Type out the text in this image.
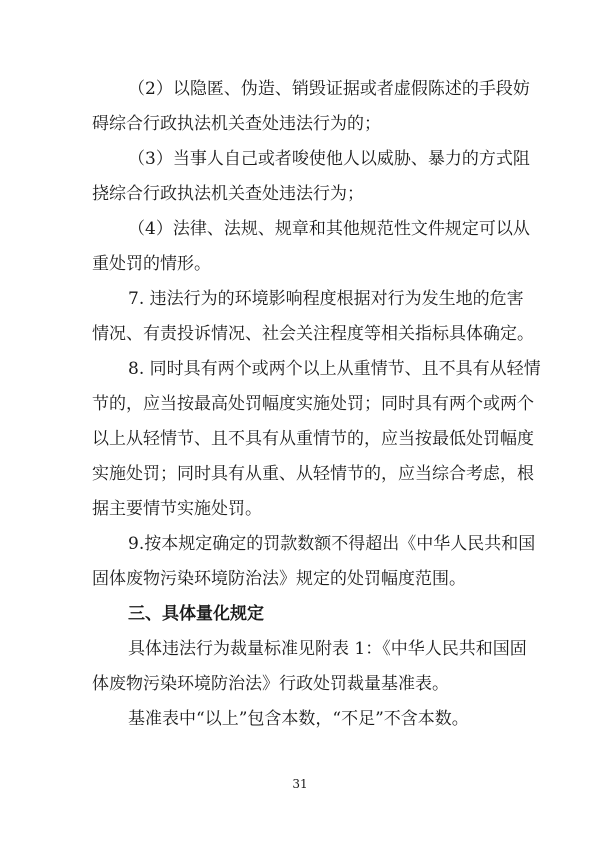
（2）以隐匿、伪造、销毁证据或者虚假陈述的手段妨
碍综合行政执法机关查处违法行为的；
（3）当事人自己或者唆使他人以威胁、暴力的方式阻
挠综合行政执法机关查处违法行为；
（4）法律、法规、规章和其他规范性文件规定可以从
重处罚的情形。
7. 违法行为的环境影响程度根据对行为发生地的危害
情况、有责投诉情况、社会关注程度等相关指标具体确定。
8. 同时具有两个或两个以上从重情节、且不具有从轻情
节的，应当按最高处罚幅度实施处罚；同时具有两个或两个
以上从轻情节、且不具有从重情节的，应当按最低处罚幅度
实施处罚；同时具有从重、从轻情节的，应当综合考虑，根
据主要情节实施处罚。
9.按本规定确定的罚款数额不得超出《中华人民共和国
固体废物污染环境防治法》规定的处罚幅度范围。
三、具体量化规定
具体违法行为裁量标准见附表 1：《中华人民共和国固
体废物污染环境防治法》行政处罚裁量基准表。
基准表中“以上”包含本数，“不足”不含本数。
31
